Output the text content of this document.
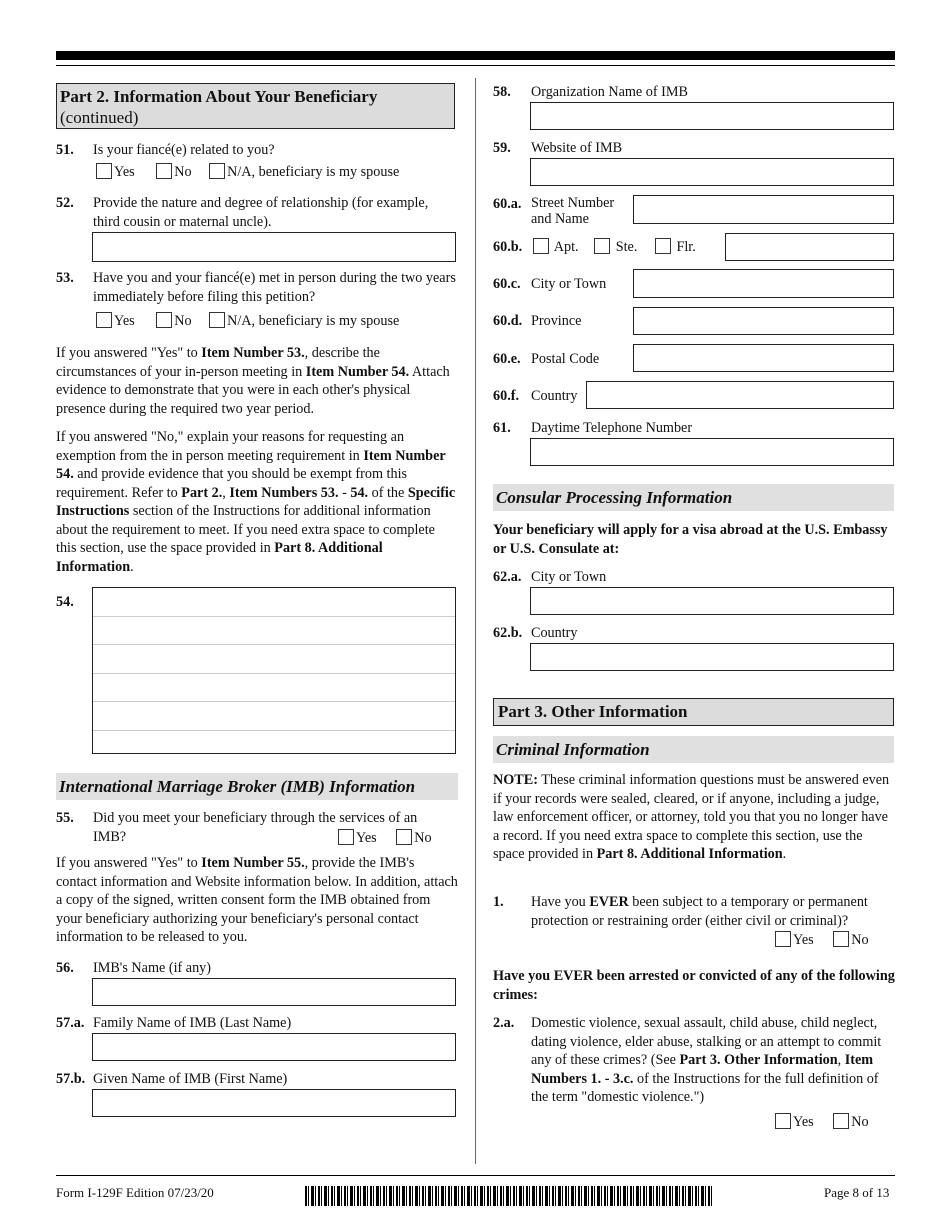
Part 2. Information About Your Beneficiary
(continued)
51. Is your fiancé(e) related to you?
Yes	No	N/A, beneficiary is my spouse
52. Provide the nature and degree of relationship (for example, third cousin or maternal uncle).
53. Have you and your fiancé(e) met in person during the two years immediately before filing this petition?
Yes	No	N/A, beneficiary is my spouse

If you answered "Yes" to Item Number 53., describe the circumstances of your in-person meeting in Item Number 54. Attach evidence to demonstrate that you were in each other's physical presence during the required two year period.

If you answered "No," explain your reasons for requesting an exemption from the in person meeting requirement in Item Number 54. and provide evidence that you should be exempt from this requirement. Refer to Part 2., Item Numbers 53. - 54. of the Specific Instructions section of the Instructions for additional information about the requirement to meet. If you need extra space to complete this section, use the space provided in Part 8. Additional Information.

54.
International Marriage Broker (IMB) Information
55. Did you meet your beneficiary through the services of an IMB?	Yes	No

If you answered "Yes" to Item Number 55., provide the IMB's contact information and Website information below. In addition, attach a copy of the signed, written consent form the IMB obtained from your beneficiary authorizing your beneficiary's personal contact information to be released to you.

56. IMB's Name (if any)
57.a. Family Name of IMB (Last Name)
57.b. Given Name of IMB (First Name)
58. Organization Name of IMB
59. Website of IMB
60.a. Street Number and Name
60.b.	Apt.	Ste.	Flr.
60.c. City or Town
60.d. Province
60.e. Postal Code
60.f. Country
61. Daytime Telephone Number
Consular Processing Information
Your beneficiary will apply for a visa abroad at the U.S. Embassy or U.S. Consulate at:
62.a. City or Town
62.b. Country
Part 3. Other Information
Criminal Information

NOTE: These criminal information questions must be answered even if your records were sealed, cleared, or if anyone, including a judge, law enforcement officer, or attorney, told you that you no longer have a record. If you need extra space to complete this section, use the space provided in Part 8. Additional Information.

1. Have you EVER been subject to a temporary or permanent protection or restraining order (either civil or criminal)?

Yes	No
Have you EVER been arrested or convicted of any of the following crimes:
2.a. Domestic violence, sexual assault, child abuse, child neglect, dating violence, elder abuse, stalking or an attempt to commit any of these crimes? (See Part 3. Other Information, Item Numbers 1. - 3.c. of the Instructions for the full definition of the term "domestic violence.")

Yes	No
Form I-129F Edition 07/23/20	Page 8 of 13
